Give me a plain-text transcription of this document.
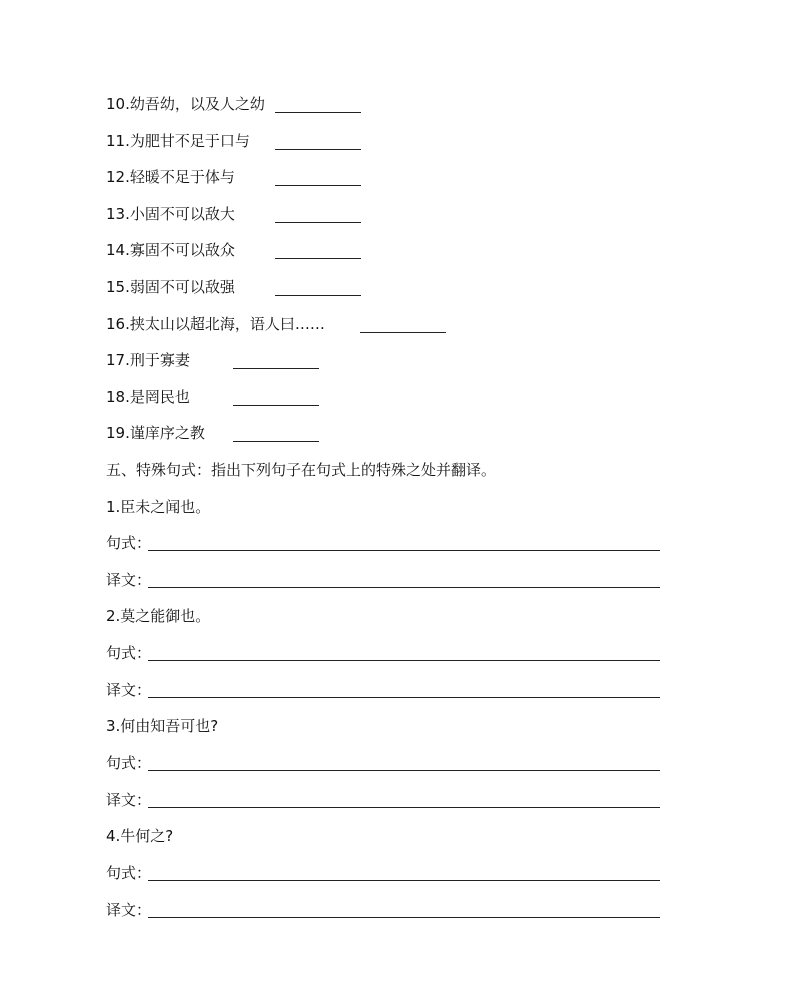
10.幼吾幼，以及人之幼
11.为肥甘不足于口与
12.轻暖不足于体与
13.小固不可以敌大
14.寡固不可以敌众
15.弱固不可以敌强
16.挟太山以超北海，语人曰……
17.刑于寡妻
18.是罔民也
19.谨庠序之教
五、特殊句式：指出下列句子在句式上的特殊之处并翻译。
1.臣未之闻也。
句式：
译文：
2.莫之能御也。
句式：
译文：
3.何由知吾可也?
句式：
译文：
4.牛何之?
句式：
译文：
